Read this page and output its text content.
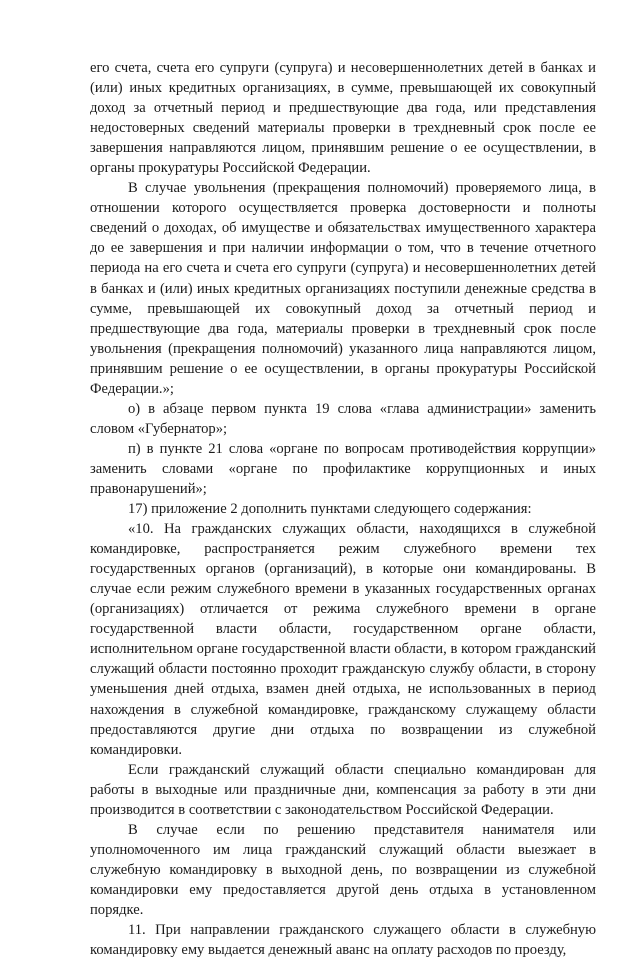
его счета, счета его супруги (супруга) и несовершеннолетних детей в банках и (или) иных кредитных организациях, в сумме, превышающей их совокупный доход за отчетный период и предшествующие два года, или представления недостоверных сведений материалы проверки в трехдневный срок после ее завершения направляются лицом, принявшим решение о ее осуществлении, в органы прокуратуры Российской Федерации.

В случае увольнения (прекращения полномочий) проверяемого лица, в отношении которого осуществляется проверка достоверности и полноты сведений о доходах, об имуществе и обязательствах имущественного характера до ее завершения и при наличии информации о том, что в течение отчетного периода на его счета и счета его супруги (супруга) и несовершеннолетних детей в банках и (или) иных кредитных организациях поступили денежные средства в сумме, превышающей их совокупный доход за отчетный период и предшествующие два года, материалы проверки в трехдневный срок после увольнения (прекращения полномочий) указанного лица направляются лицом, принявшим решение о ее осуществлении, в органы прокуратуры Российской Федерации.»;

о) в абзаце первом пункта 19 слова «глава администрации» заменить словом «Губернатор»;

п) в пункте 21 слова «органе по вопросам противодействия коррупции» заменить словами «органе по профилактике коррупционных и иных правонарушений»;

17) приложение 2 дополнить пунктами следующего содержания:

«10. На гражданских служащих области, находящихся в служебной командировке, распространяется режим служебного времени тех государственных органов (организаций), в которые они командированы. В случае если режим служебного времени в указанных государственных органах (организациях) отличается от режима служебного времени в органе государственной власти области, государственном органе области, исполнительном органе государственной власти области, в котором гражданский служащий области постоянно проходит гражданскую службу области, в сторону уменьшения дней отдыха, взамен дней отдыха, не использованных в период нахождения в служебной командировке, гражданскому служащему области предоставляются другие дни отдыха по возвращении из служебной командировки.

Если гражданский служащий области специально командирован для работы в выходные или праздничные дни, компенсация за работу в эти дни производится в соответствии с законодательством Российской Федерации.

В случае если по решению представителя нанимателя или уполномоченного им лица гражданский служащий области выезжает в служебную командировку в выходной день, по возвращении из служебной командировки ему предоставляется другой день отдыха в установленном порядке.

11. При направлении гражданского служащего области в служебную командировку ему выдается денежный аванс на оплату расходов по проезду,
